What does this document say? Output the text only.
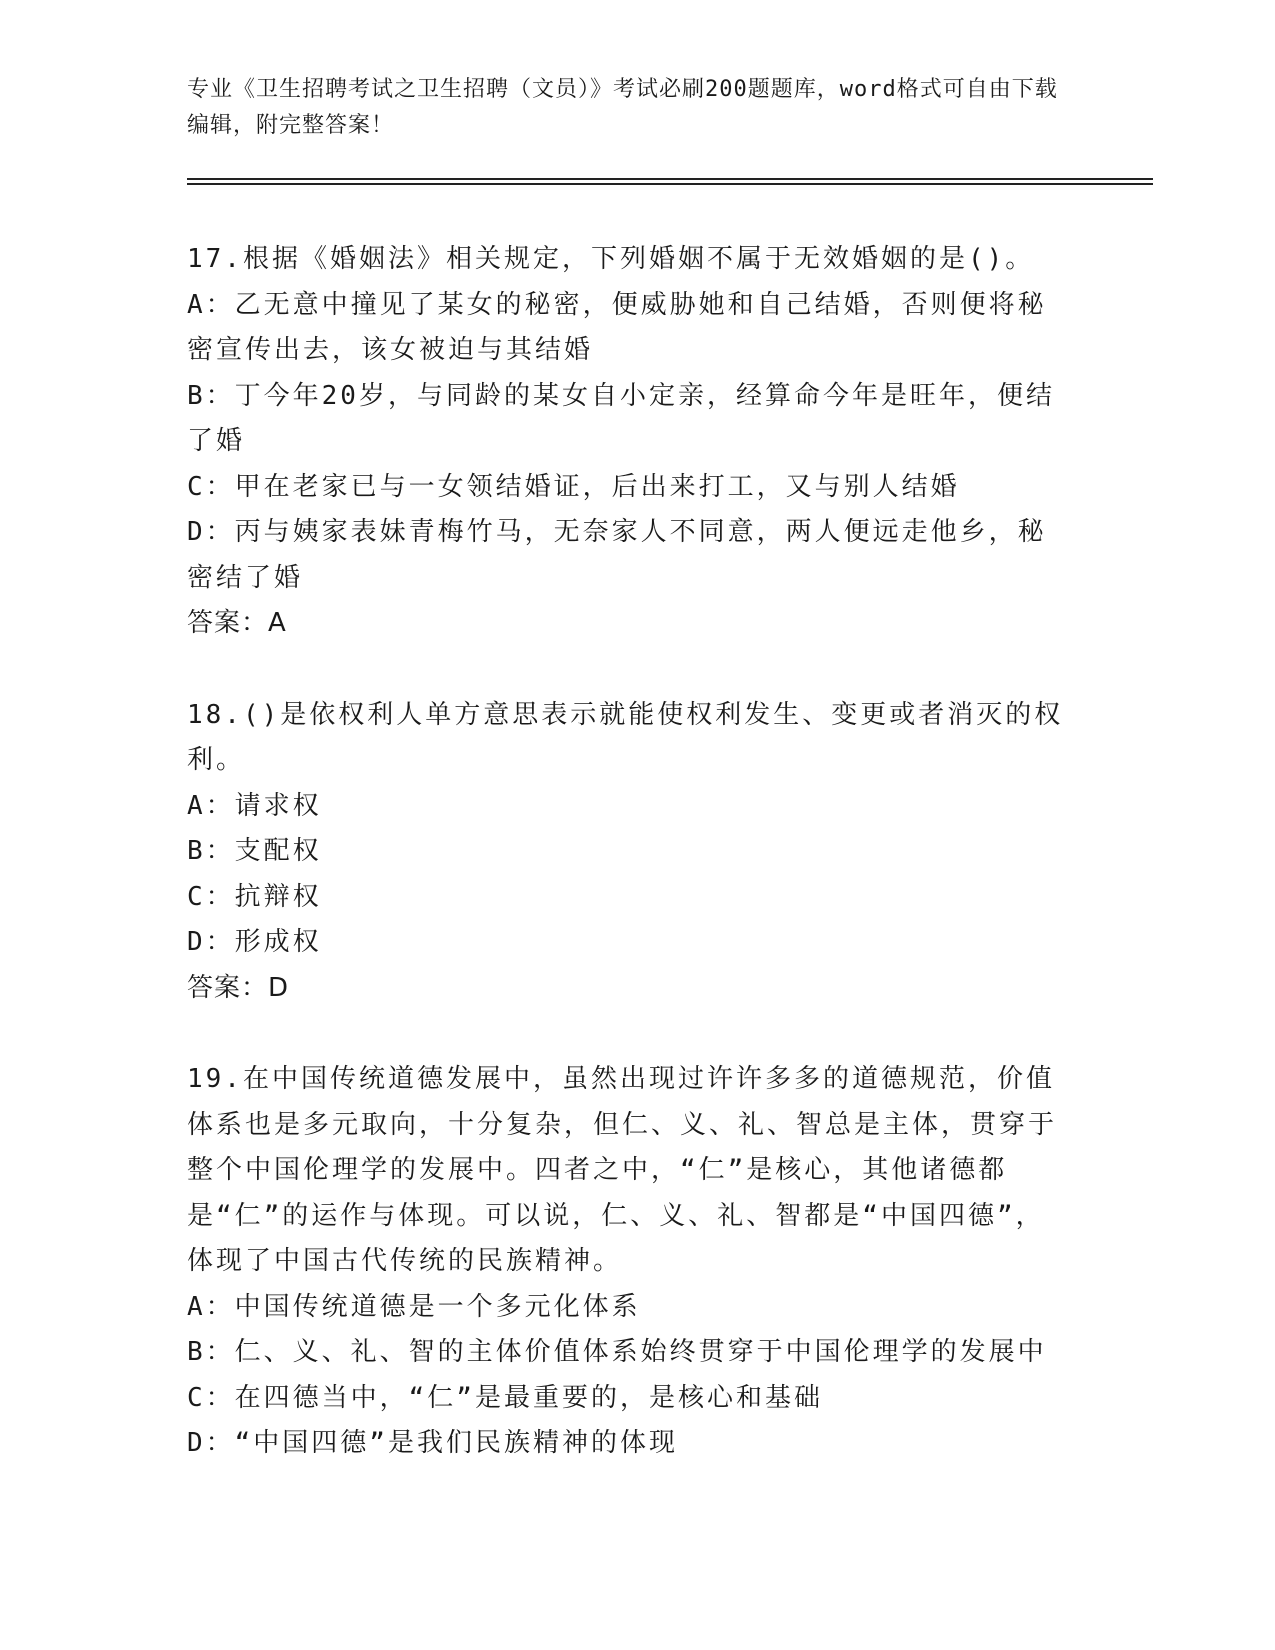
专业《卫生招聘考试之卫生招聘（文员）》考试必刷200题题库，word格式可自由下载编辑，附完整答案！

17.根据《婚姻法》相关规定，下列婚姻不属于无效婚姻的是()。

A：乙无意中撞见了某女的秘密，便威胁她和自己结婚，否则便将秘密宣传出去，该女被迫与其结婚

B：丁今年20岁，与同龄的某女自小定亲，经算命今年是旺年，便结了婚

C：甲在老家已与一女领结婚证，后出来打工，又与别人结婚

D：丙与姨家表妹青梅竹马，无奈家人不同意，两人便远走他乡，秘密结了婚

答案：A

18.()是依权利人单方意思表示就能使权利发生、变更或者消灭的权利。

A：请求权

B：支配权

C：抗辩权

D：形成权

答案：D

19.在中国传统道德发展中，虽然出现过许许多多的道德规范，价值体系也是多元取向，十分复杂，但仁、义、礼、智总是主体，贯穿于整个中国伦理学的发展中。四者之中，“仁”是核心，其他诸德都是“仁”的运作与体现。可以说，仁、义、礼、智都是“中国四德”，体现了中国古代传统的民族精神。

A：中国传统道德是一个多元化体系

B：仁、义、礼、智的主体价值体系始终贯穿于中国伦理学的发展中

C：在四德当中，“仁”是最重要的，是核心和基础

D：“中国四德”是我们民族精神的体现
